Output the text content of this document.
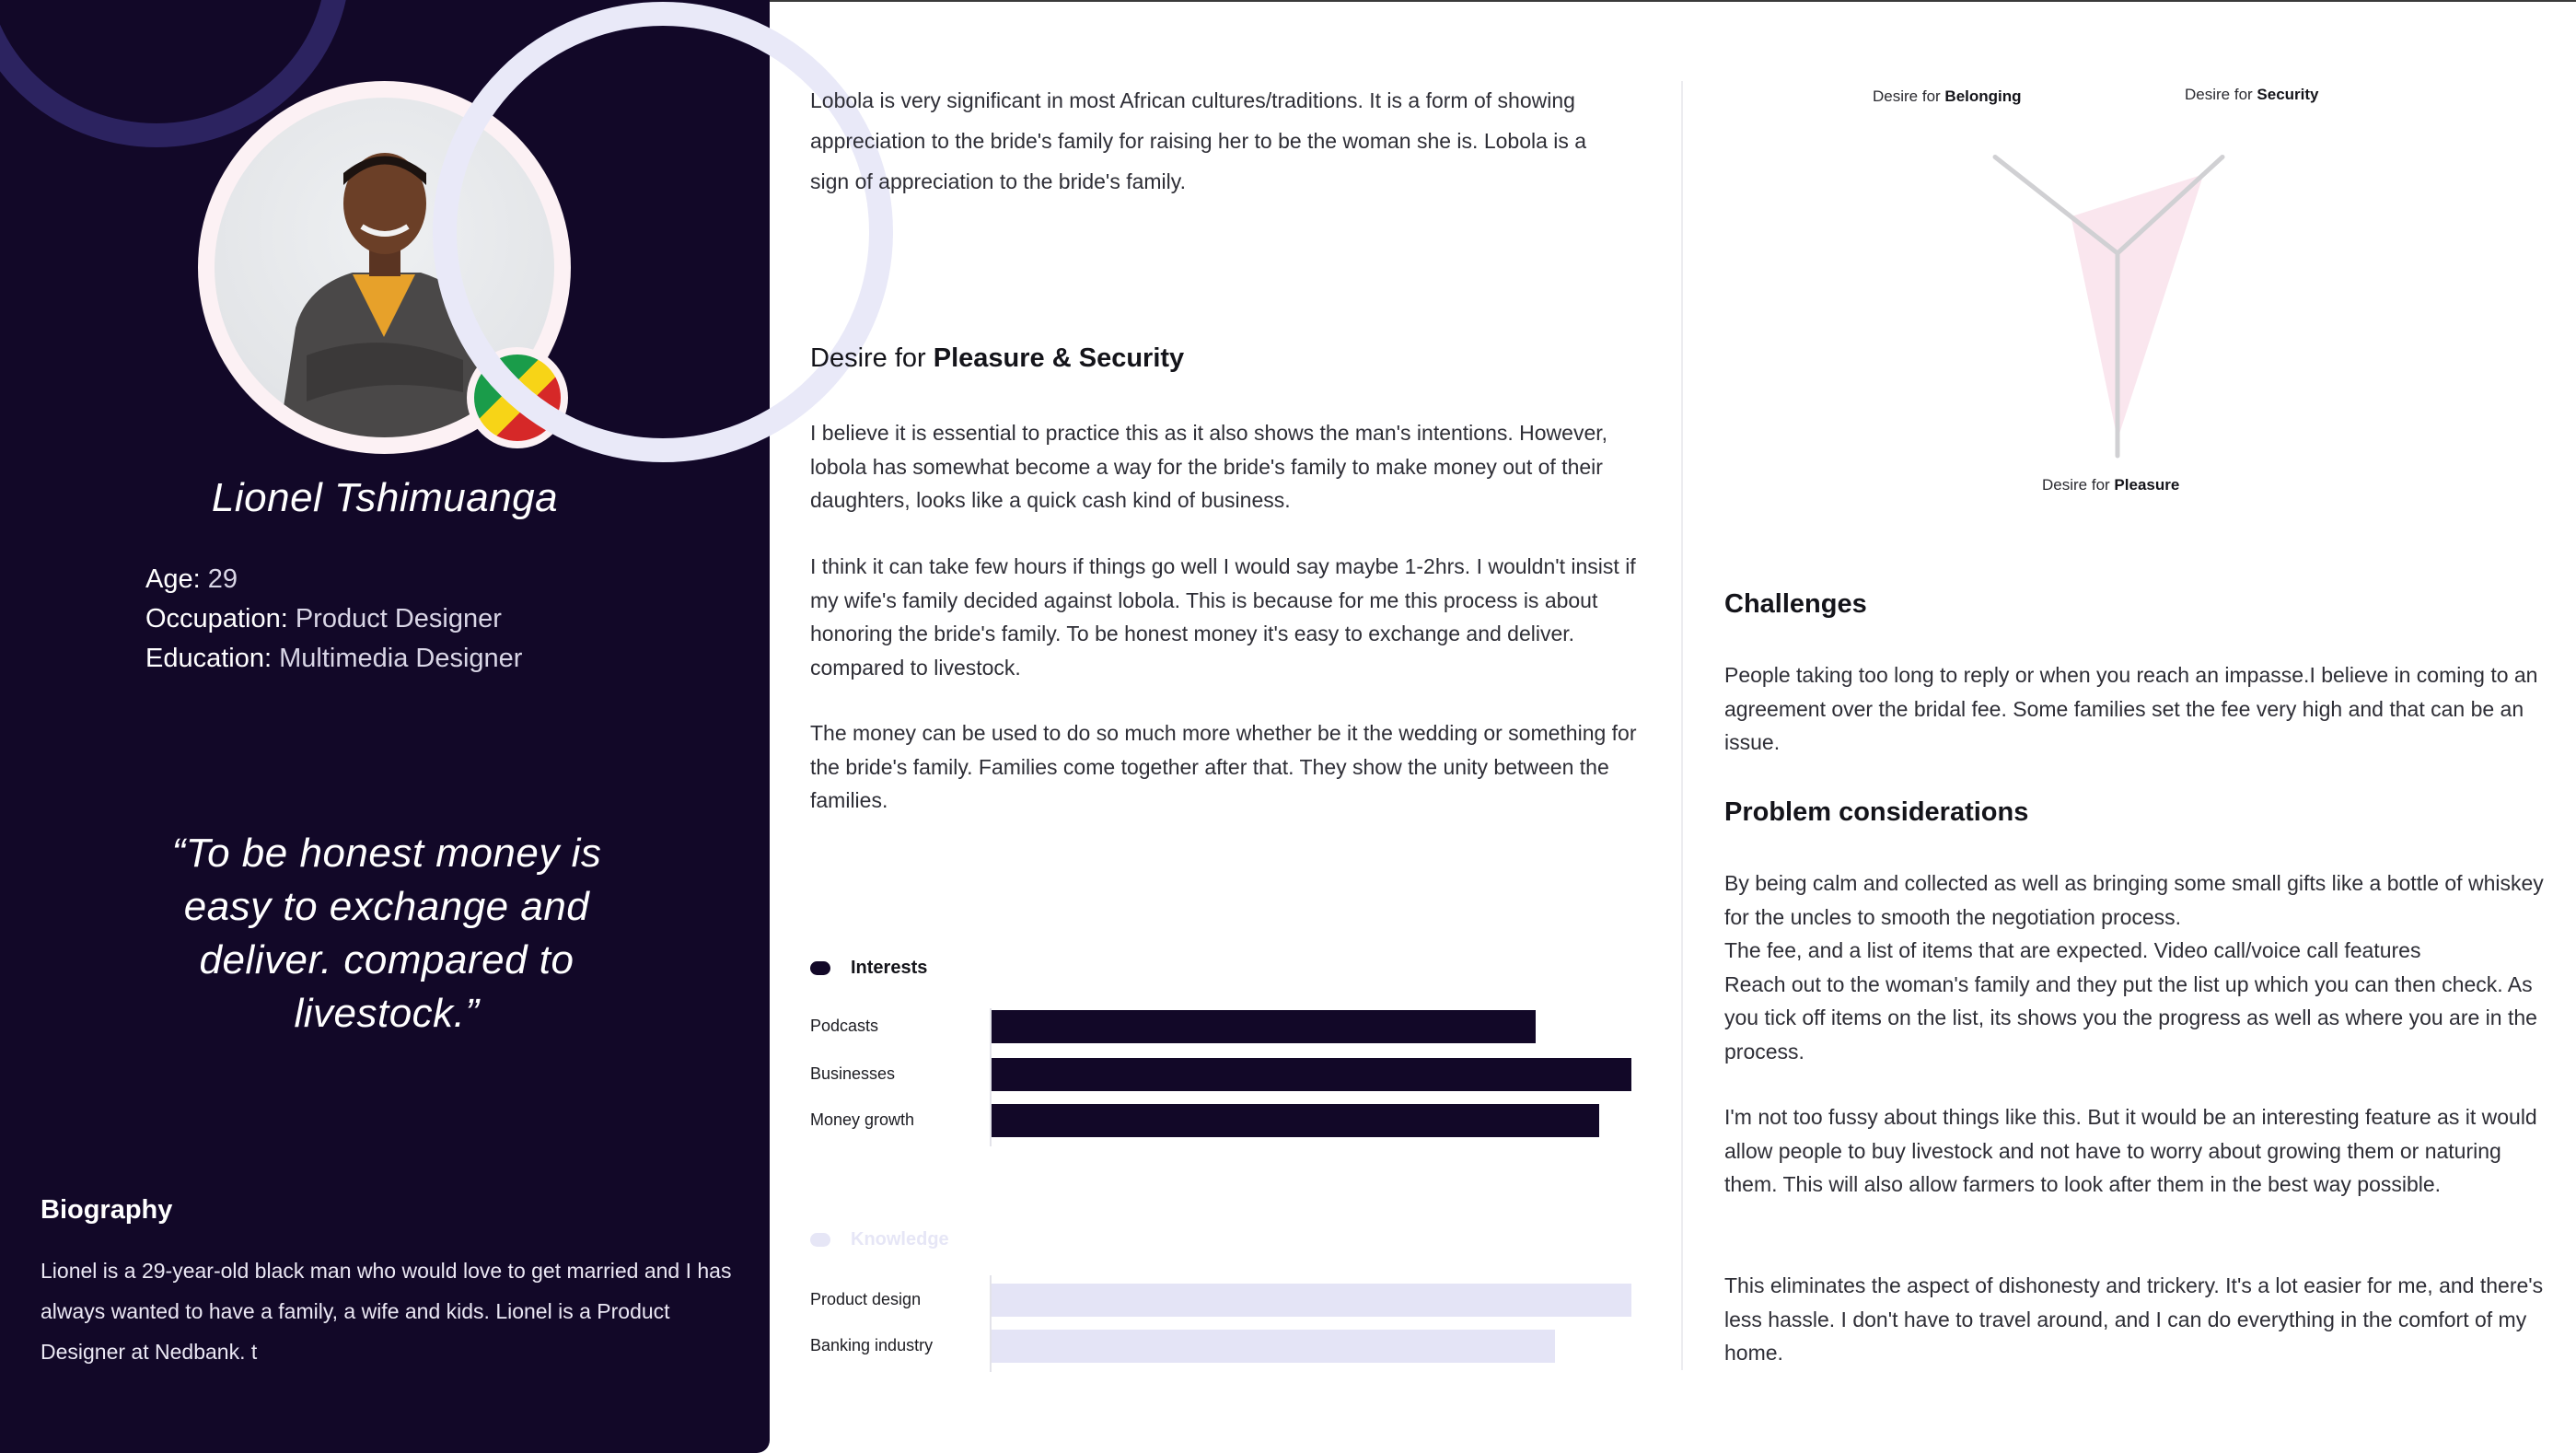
Lionel Tshimuanga
Age: 29
Occupation: Product Designer
Education: Multimedia Designer
“To be honest money is easy to exchange and deliver. compared to livestock.”
Biography
Lionel is a 29-year-old black man who would love to get married and I has always wanted to have a family, a wife and kids. Lionel is a Product Designer at Nedbank. t
Lobola is very significant in most African cultures/traditions. It is a form of showing appreciation to the bride's family for raising her to be the woman she is. Lobola is a sign of appreciation to the bride's family.
Desire for Pleasure & Security
I believe it is essential to practice this as it also shows the man's intentions. However, lobola has somewhat become a way for the bride's family to make money out of their daughters, looks like a quick cash kind of business.
I think it can take few hours if things go well I would say maybe 1-2hrs. I wouldn't insist if my wife's family decided against lobola. This is because for me this process is about honoring the bride's family. To be honest money it's easy to exchange and deliver. compared to livestock.
The money can be used to do so much more whether be it the wedding or something for the bride's family. Families come together after that. They show the unity between the families.
Interests
Podcasts
Businesses
Money growth
Knowledge
Product design
Banking industry
Desire for Belonging	Desire for Security
Desire for Pleasure
Challenges
People taking too long to reply or when you reach an impasse.I believe in coming to an agreement over the bridal fee. Some families set the fee very high and that can be an issue.
Problem considerations
By being calm and collected as well as bringing some small gifts like a bottle of whiskey for the uncles to smooth the negotiation process.
The fee, and a list of items that are expected. Video call/voice call features
Reach out to the woman's family and they put the list up which you can then check. As you tick off items on the list, its shows you the progress as well as where you are in the process.
I'm not too fussy about things like this. But it would be an interesting feature as it would allow people to buy livestock and not have to worry about growing them or naturing them. This will also allow farmers to look after them in the best way possible.
This eliminates the aspect of dishonesty and trickery. It's a lot easier for me, and there's less hassle. I don't have to travel around, and I can do everything in the comfort of my home.
